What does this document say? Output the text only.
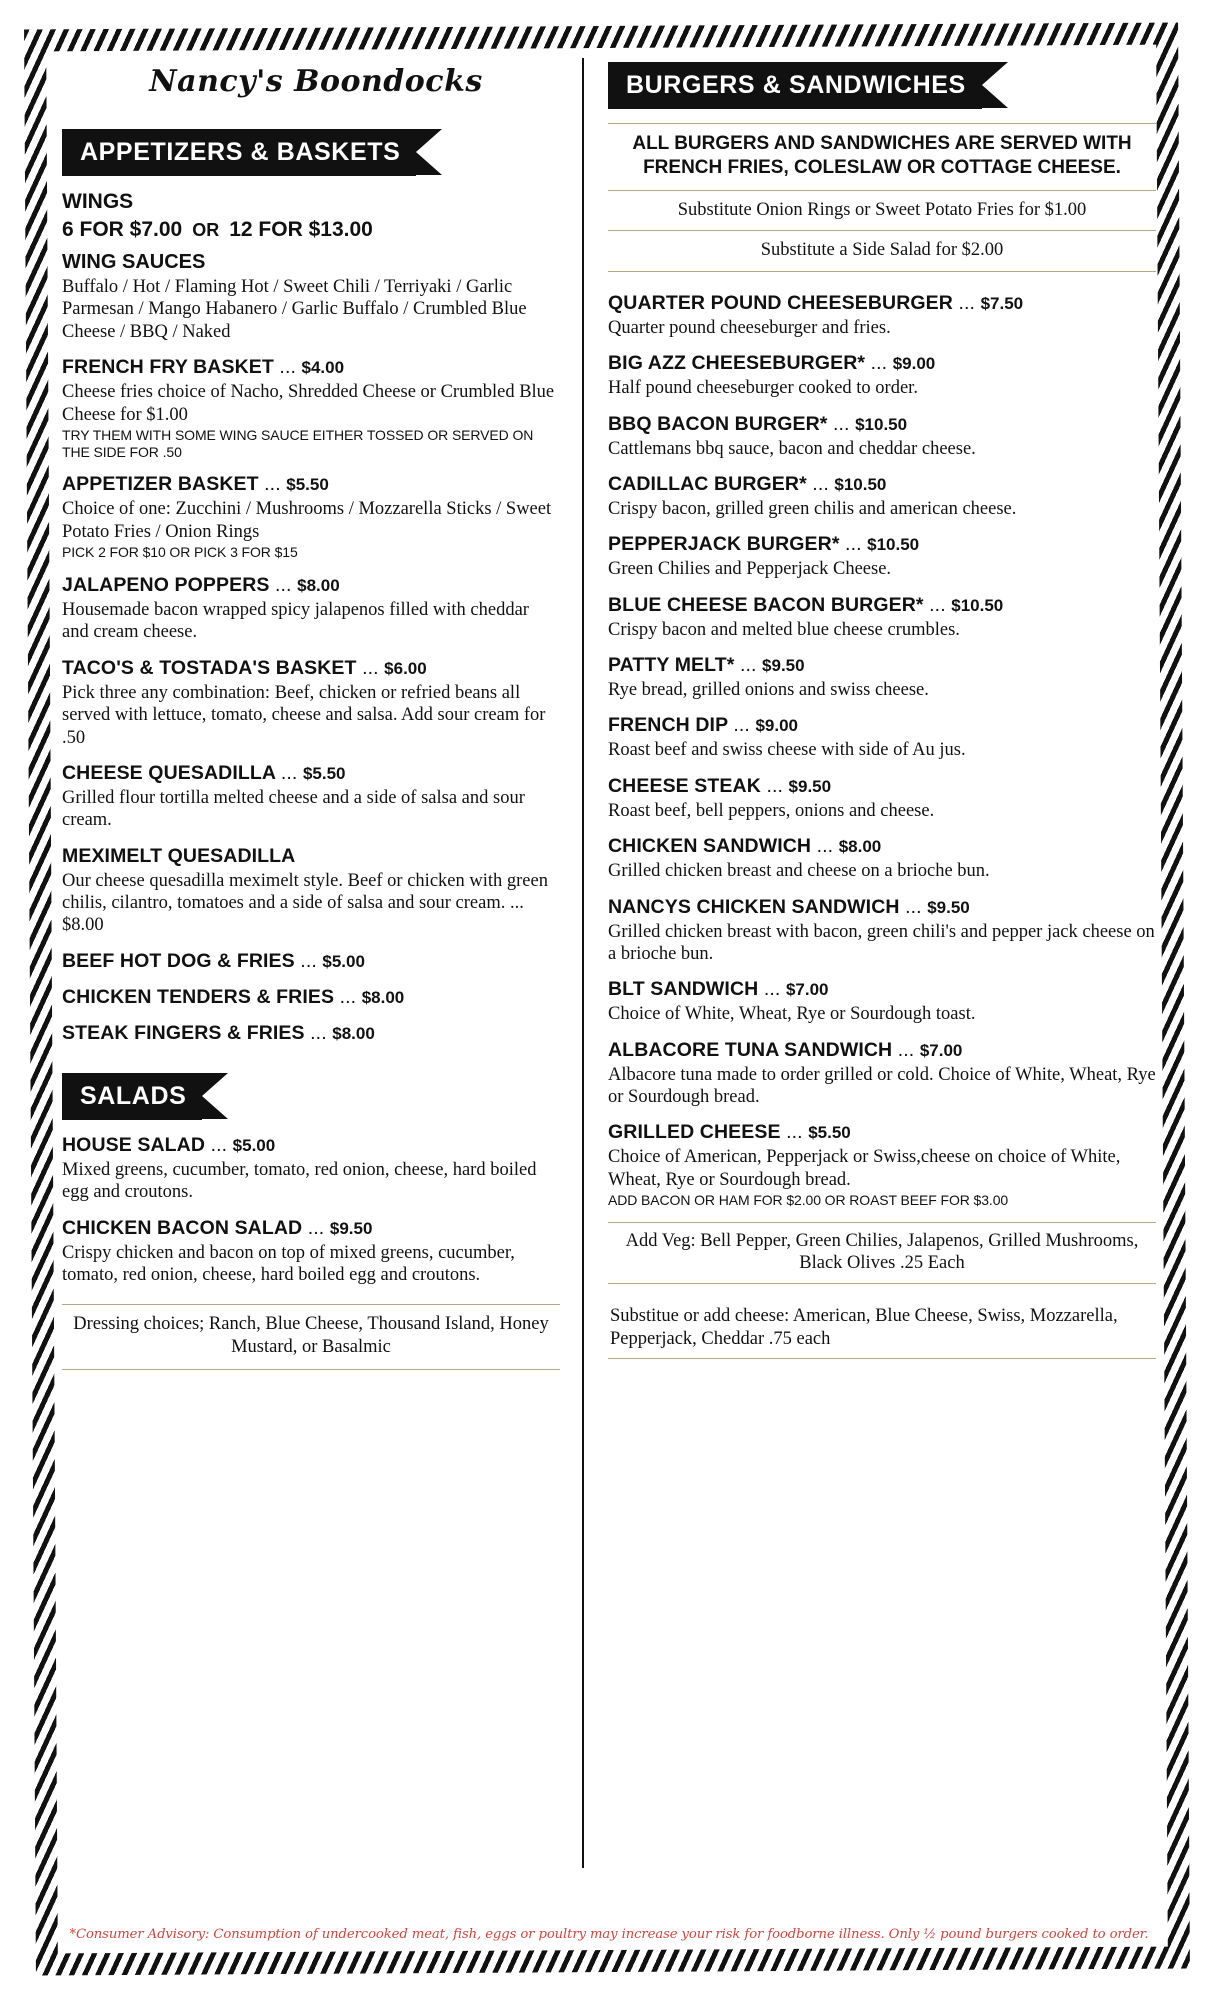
Nancy's Boondocks
APPETIZERS & BASKETS
WINGS
6 FOR $7.00 OR 12 FOR $13.00
WING SAUCES
Buffalo / Hot / Flaming Hot / Sweet Chili / Terriyaki / Garlic Parmesan / Mango Habanero / Garlic Buffalo / Crumbled Blue Cheese / BBQ / Naked
FRENCH FRY BASKET ... $4.00
Cheese fries choice of Nacho, Shredded Cheese or Crumbled Blue Cheese for $1.00
TRY THEM WITH SOME WING SAUCE EITHER TOSSED OR SERVED ON THE SIDE FOR .50
APPETIZER BASKET ... $5.50
Choice of one: Zucchini / Mushrooms / Mozzarella Sticks / Sweet Potato Fries / Onion Rings
PICK 2 FOR $10 OR PICK 3 FOR $15
JALAPENO POPPERS ... $8.00
Housemade bacon wrapped spicy jalapenos filled with cheddar and cream cheese.
TACO'S & TOSTADA'S BASKET ... $6.00
Pick three any combination: Beef, chicken or refried beans all served with lettuce, tomato, cheese and salsa. Add sour cream for .50
CHEESE QUESADILLA ... $5.50
Grilled flour tortilla melted cheese and a side of salsa and sour cream.
MEXIMELT QUESADILLA
Our cheese quesadilla meximelt style. Beef or chicken with green chilis, cilantro, tomatoes and a side of salsa and sour cream. ... $8.00
BEEF HOT DOG & FRIES ... $5.00
CHICKEN TENDERS & FRIES ... $8.00
STEAK FINGERS & FRIES ... $8.00
SALADS
HOUSE SALAD ... $5.00
Mixed greens, cucumber, tomato, red onion, cheese, hard boiled egg and croutons.
CHICKEN BACON SALAD ... $9.50
Crispy chicken and bacon on top of mixed greens, cucumber, tomato, red onion, cheese, hard boiled egg and croutons.
Dressing choices; Ranch, Blue Cheese, Thousand Island, Honey Mustard, or Basalmic
BURGERS & SANDWICHES
ALL BURGERS AND SANDWICHES ARE SERVED WITH FRENCH FRIES, COLESLAW OR COTTAGE CHEESE.
Substitute Onion Rings or Sweet Potato Fries for $1.00
Substitute a Side Salad for $2.00
QUARTER POUND CHEESEBURGER ... $7.50
Quarter pound cheeseburger and fries.
BIG AZZ CHEESEBURGER* ... $9.00
Half pound cheeseburger cooked to order.
BBQ BACON BURGER* ... $10.50
Cattlemans bbq sauce, bacon and cheddar cheese.
CADILLAC BURGER* ... $10.50
Crispy bacon, grilled green chilis and american cheese.
PEPPERJACK BURGER* ... $10.50
Green Chilies and Pepperjack Cheese.
BLUE CHEESE BACON BURGER* ... $10.50
Crispy bacon and melted blue cheese crumbles.
PATTY MELT* ... $9.50
Rye bread, grilled onions and swiss cheese.
FRENCH DIP ... $9.00
Roast beef and swiss cheese with side of Au jus.
CHEESE STEAK ... $9.50
Roast beef, bell peppers, onions and cheese.
CHICKEN SANDWICH ... $8.00
Grilled chicken breast and cheese on a brioche bun.
NANCYS CHICKEN SANDWICH ... $9.50
Grilled chicken breast with bacon, green chili's and pepper jack cheese on a brioche bun.
BLT SANDWICH ... $7.00
Choice of White, Wheat, Rye or Sourdough toast.
ALBACORE TUNA SANDWICH ... $7.00
Albacore tuna made to order grilled or cold. Choice of White, Wheat, Rye or Sourdough bread.
GRILLED CHEESE ... $5.50
Choice of American, Pepperjack or Swiss,cheese on choice of White, Wheat, Rye or Sourdough bread.
ADD BACON OR HAM FOR $2.00 OR ROAST BEEF FOR $3.00
Add Veg: Bell Pepper, Green Chilies, Jalapenos, Grilled Mushrooms, Black Olives .25 Each
Substitue or add cheese: American, Blue Cheese, Swiss, Mozzarella, Pepperjack, Cheddar .75 each
*Consumer Advisory: Consumption of undercooked meat, fish, eggs or poultry may increase your risk for foodborne illness. Only ½ pound burgers cooked to order.
